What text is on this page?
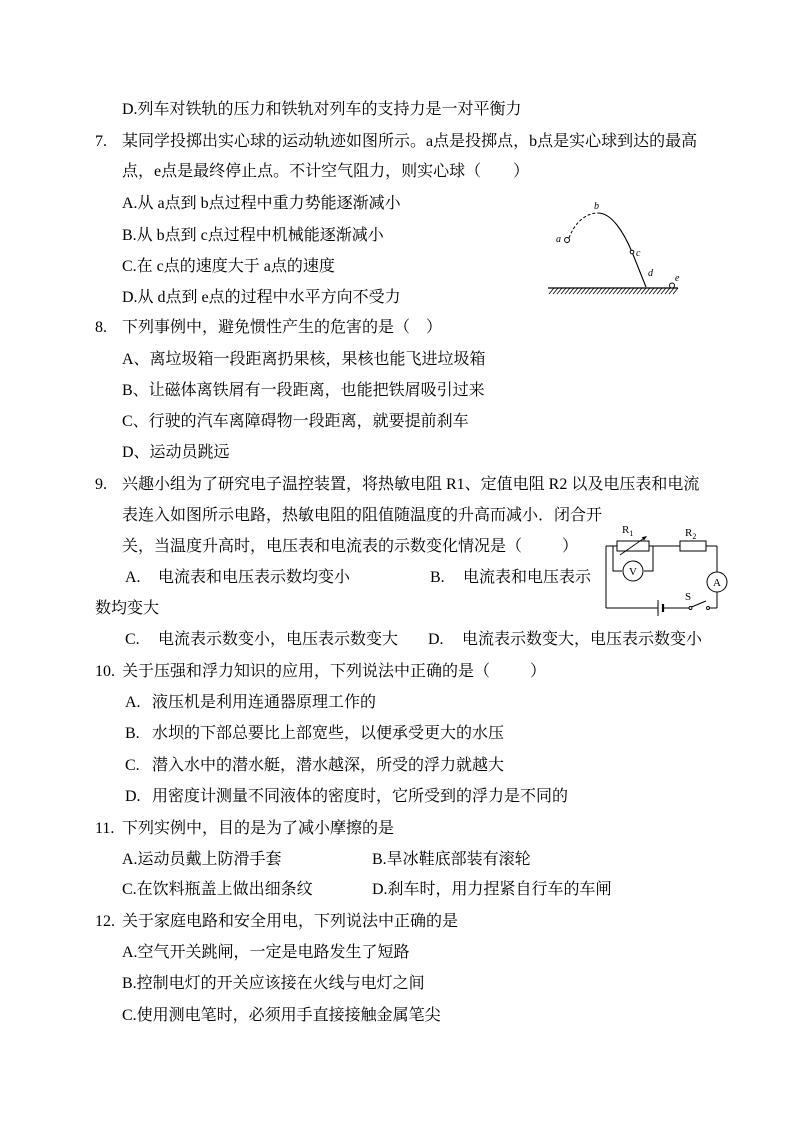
D.列车对铁轨的压力和铁轨对列车的支持力是一对平衡力
7. 某同学投掷出实心球的运动轨迹如图所示。a点是投掷点，b点是实心球到达的最高
点，e点是最终停止点。不计空气阻力，则实心球（        ）
A.从 a点到 b点过程中重力势能逐渐减小
B.从 b点到 c点过程中机械能逐渐减小
C.在 c点的速度大于 a点的速度
D.从 d点到 e点的过程中水平方向不受力
a
b
c
d e
8. 下列事例中，避免惯性产生的危害的是（    ）
A、离垃圾箱一段距离扔果核，果核也能飞进垃圾箱
B、让磁体离铁屑有一段距离，也能把铁屑吸引过来
C、行驶的汽车离障碍物一段距离，就要提前刹车
D、运动员跳远
9. 兴趣小组为了研究电子温控装置，将热敏电阻 R1、定值电阻 R2 以及电压表和电流
表连入如图所示电路，热敏电阻的阻值随温度的升高而减小．闭合开
关，当温度升高时，电压表和电流表的示数变化情况是（          ）
A. 电流表和电压表示数均变小	B. 电流表和电压表示
数均变大
C. 电流表示数变小，电压表示数变大 D. 电流表示数变大，电压表示数变小
$R_1$	$R_2$
V
A
S
10. 关于压强和浮力知识的应用，下列说法中正确的是（          ）
A. 液压机是利用连通器原理工作的
B. 水坝的下部总要比上部宽些，以便承受更大的水压
C. 潜入水中的潜水艇，潜水越深，所受的浮力就越大
D. 用密度计测量不同液体的密度时，它所受到的浮力是不同的
11. 下列实例中，目的是为了减小摩擦的是
A.运动员戴上防滑手套	B.旱冰鞋底部装有滚轮
C.在饮料瓶盖上做出细条纹	D.刹车时，用力捏紧自行车的车闸
12. 关于家庭电路和安全用电，下列说法中正确的是
A.空气开关跳闸，一定是电路发生了短路
B.控制电灯的开关应该接在火线与电灯之间
C.使用测电笔时，必须用手直接接触金属笔尖
